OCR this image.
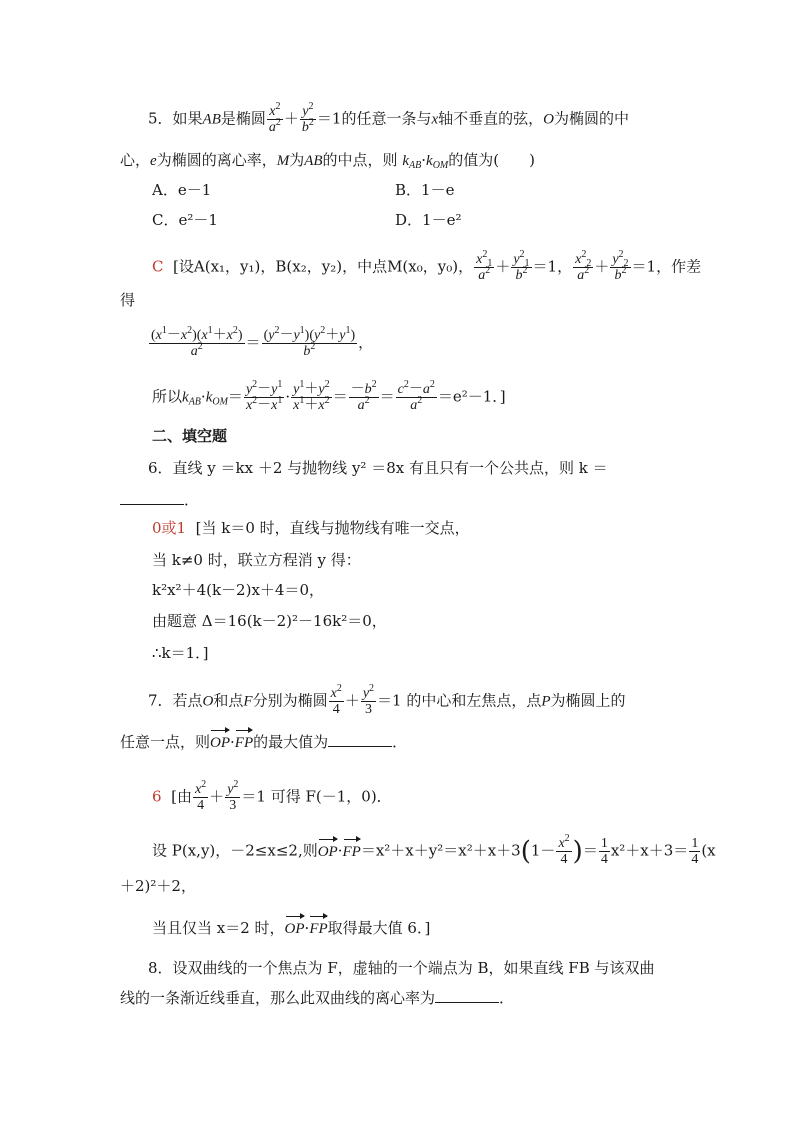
5．如果AB是椭圆 $\frac{x^2}{a^2} + \frac{y^2}{b^2} =1$的任意一条与x轴不垂直的弦，O为椭圆的中
心，e为椭圆的离心率，M为AB的中点，则 $k_{AB}\cdot k_{OM}$的值为(　　)
A．e－1	B．1－e
C．e²－1	D．1－e²
C [设A(x₁，y₁)，B(x₂，y₂)，中点M(x₀，y₀)， $\frac{x^2_1}{a^2} + \frac{y^2_1}{b^2} =1$， $\frac{x^2_2}{a^2} + \frac{y^2_2}{b^2} =1$，作差
得
$\frac{(x^1-x^2)(x^1+x^2)}{a^2} = \frac{(y^2-y^1)(y^2+y^1)}{b^2}$ ，
所以$k_{AB}\cdot k_{OM}= \frac{y^2-y^1}{x^2-x^1} \cdot \frac{y^1+y^2}{x^1+x^2} = \frac{-b^2}{a^2} = \frac{c^2-a^2}{a^2} =e^2-1$．]
二、填空题
6．直线 y ＝kx ＋2 与抛物线 y² ＝8x 有且只有一个公共点，则 k ＝
．
0或1 [当 k＝0 时，直线与抛物线有唯一交点，
当 k≠0 时，联立方程消 y 得：
k²x²＋4(k－2)x＋4＝0，
由题意 Δ＝16(k－2)²－16k²＝0，
∴k＝1．]
7．若点O和点F分别为椭圆 $\frac{x^2}{4} + \frac{y^2}{3} =1$ 的中心和左焦点，点P为椭圆上的
任意一点，则OP·FP的最大值为	．
6 [由 $\frac{x^2}{4} + \frac{y^2}{3} =1$ 可得 F(－1，0)．
设 P(x,y)，－2≤x≤2,则$OP\cdot FP=x^2+x+y^2=x^2+x+3(1- \frac{x^2}{4}$ )＝ $\frac{1}{4} x^2+x+3= \frac{1}{4} (x$
＋2)²＋2，
当且仅当 x＝2 时，OP·FP取得最大值 6．]
8．设双曲线的一个焦点为 F，虚轴的一个端点为 B，如果直线 FB 与该双曲
线的一条渐近线垂直，那么此双曲线的离心率为	．
